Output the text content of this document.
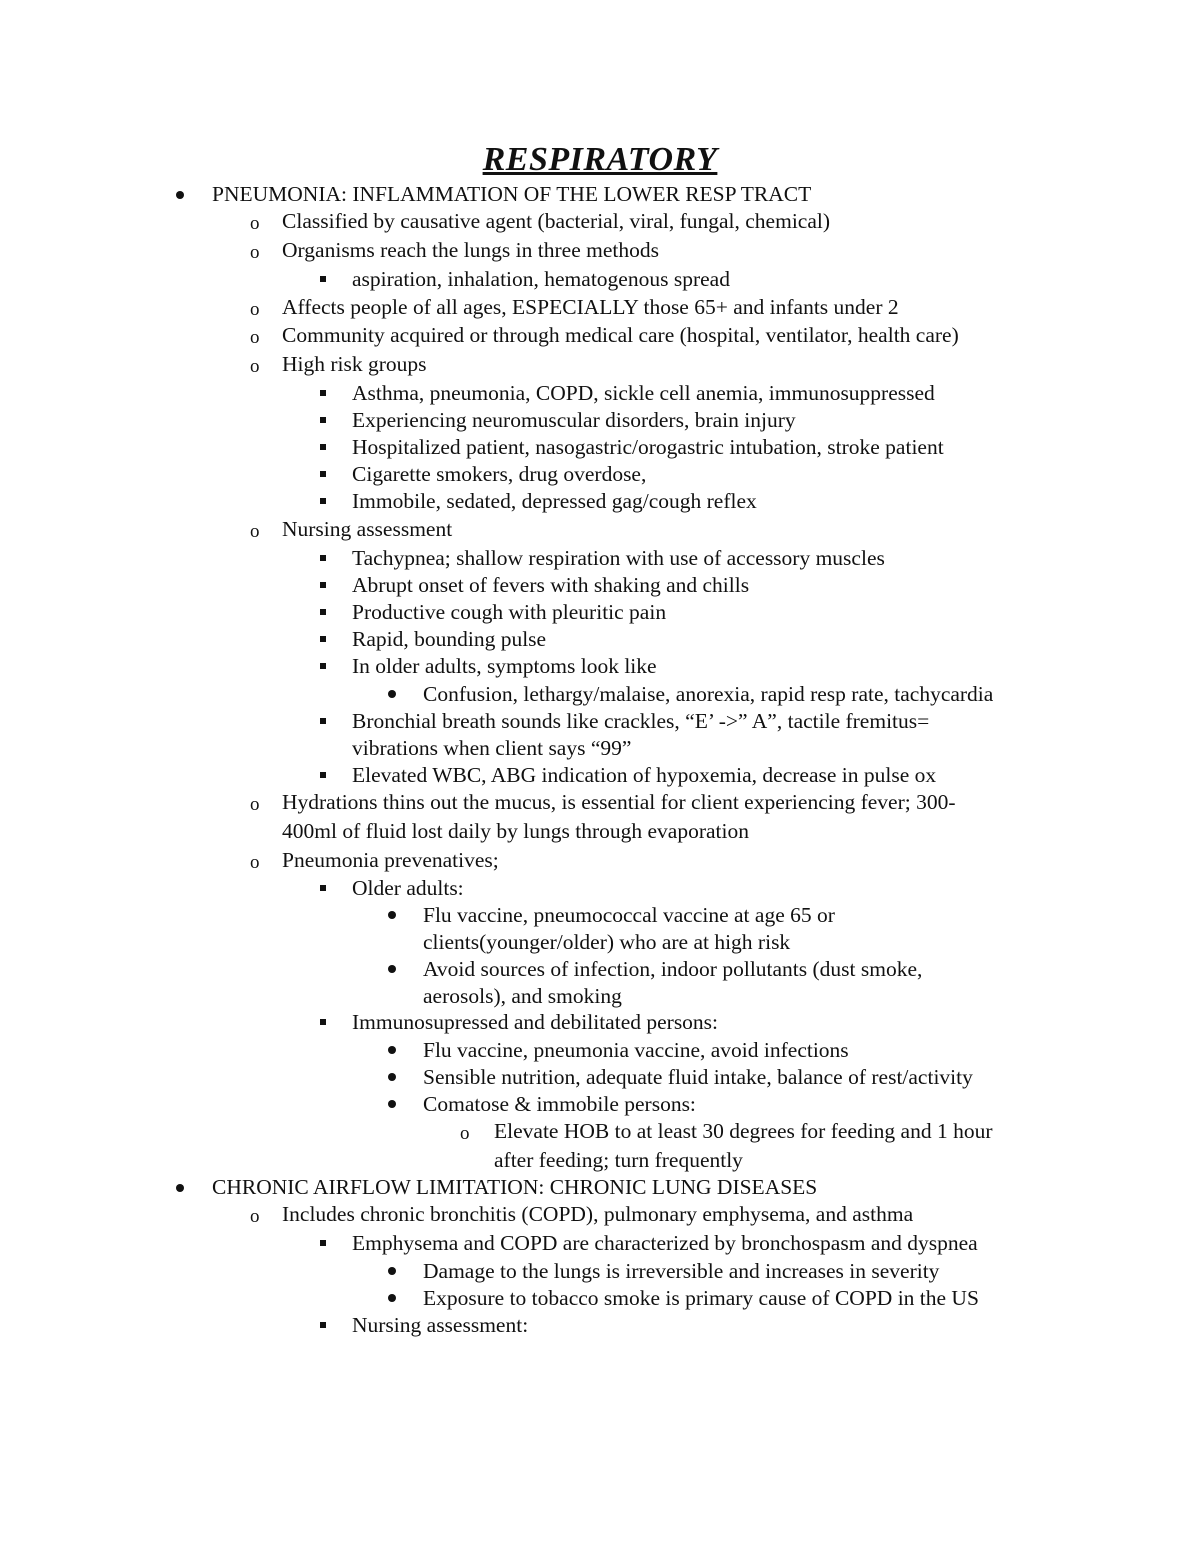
RESPIRATORY
PNEUMONIA: INFLAMMATION OF THE LOWER RESP TRACT
o Classified by causative agent (bacterial, viral, fungal, chemical)
o Organisms reach the lungs in three methods
aspiration, inhalation, hematogenous spread
o Affects people of all ages, ESPECIALLY those 65+ and infants under 2
o Community acquired or through medical care (hospital, ventilator, health care)
o High risk groups
Asthma, pneumonia, COPD, sickle cell anemia, immunosuppressed
Experiencing neuromuscular disorders, brain injury
Hospitalized patient, nasogastric/orogastric intubation, stroke patient
Cigarette smokers, drug overdose,
Immobile, sedated, depressed gag/cough reflex
o Nursing assessment
Tachypnea; shallow respiration with use of accessory muscles
Abrupt onset of fevers with shaking and chills
Productive cough with pleuritic pain
Rapid, bounding pulse
In older adults, symptoms look like
Confusion, lethargy/malaise, anorexia, rapid resp rate, tachycardia
Bronchial breath sounds like crackles, “E’ ->” A”, tactile fremitus=
vibrations when client says “99”
Elevated WBC, ABG indication of hypoxemia, decrease in pulse ox
o Hydrations thins out the mucus, is essential for client experiencing fever; 300-
400ml of fluid lost daily by lungs through evaporation
o Pneumonia prevenatives;
Older adults:
Flu vaccine, pneumococcal vaccine at age 65 or
clients(younger/older) who are at high risk
Avoid sources of infection, indoor pollutants (dust smoke,
aerosols), and smoking
Immunosupressed and debilitated persons:
Flu vaccine, pneumonia vaccine, avoid infections
Sensible nutrition, adequate fluid intake, balance of rest/activity
Comatose & immobile persons:
o Elevate HOB to at least 30 degrees for feeding and 1 hour
after feeding; turn frequently
CHRONIC AIRFLOW LIMITATION: CHRONIC LUNG DISEASES
o Includes chronic bronchitis (COPD), pulmonary emphysema, and asthma
Emphysema and COPD are characterized by bronchospasm and dyspnea
Damage to the lungs is irreversible and increases in severity
Exposure to tobacco smoke is primary cause of COPD in the US
Nursing assessment:
